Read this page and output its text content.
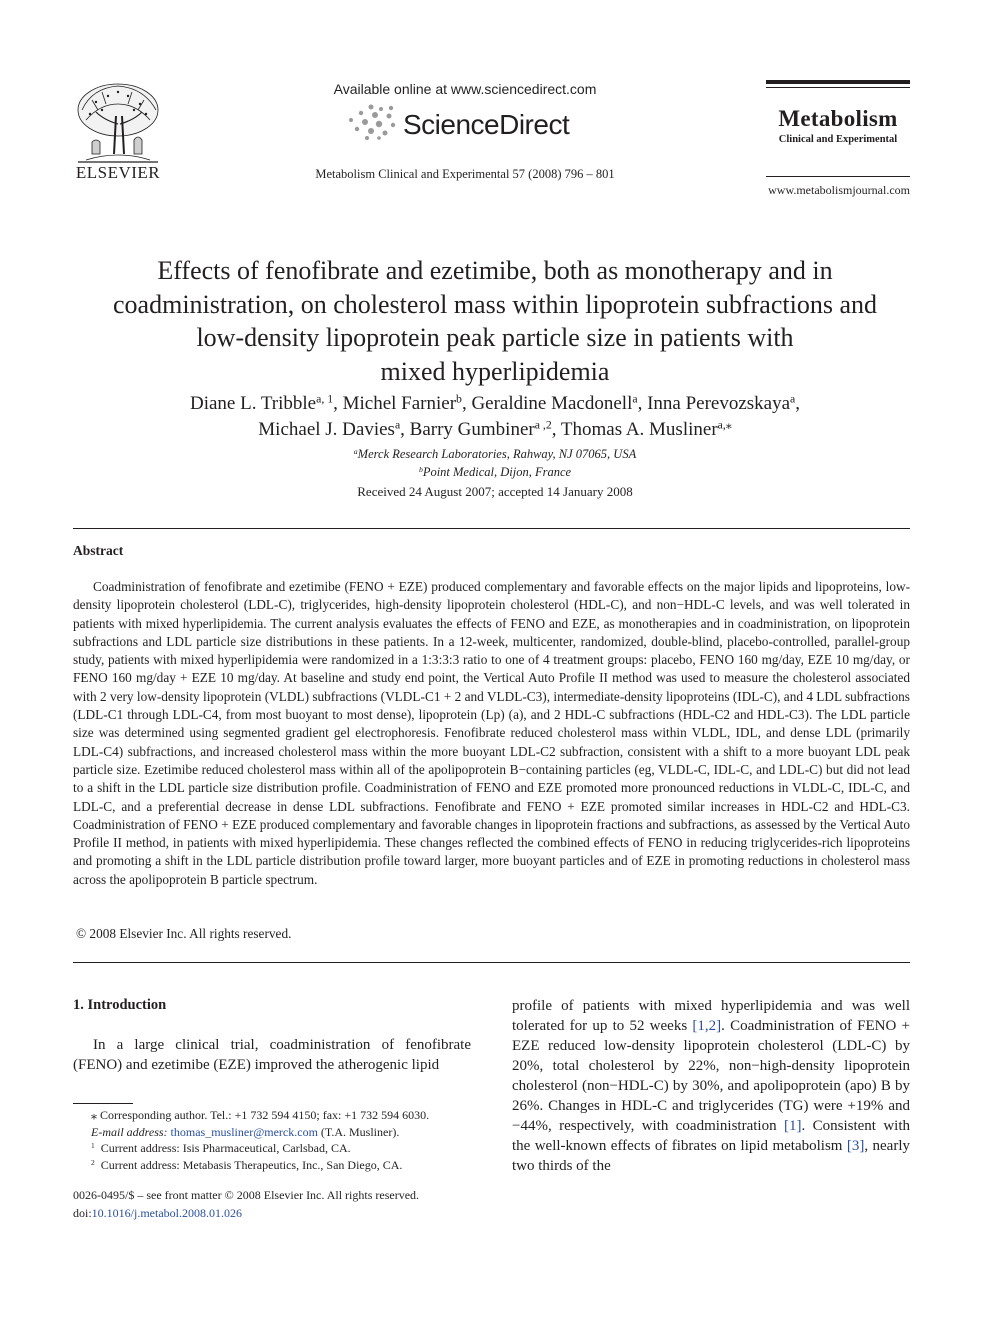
ELSEVIER
Available online at www.sciencedirect.com
ScienceDirect
Metabolism Clinical and Experimental 57 (2008) 796 – 801
Metabolism
Clinical and Experimental
www.metabolismjournal.com
Effects of fenofibrate and ezetimibe, both as monotherapy and in
coadministration, on cholesterol mass within lipoprotein subfractions and
low-density lipoprotein peak particle size in patients with
mixed hyperlipidemia
Diane L. Tribble$^{a, 1}$, Michel Farnier$^b$, Geraldine Macdonell$^a$, Inna Perevozskaya$^a$,
Michael J. Davies$^a$, Barry Gumbiner$^{a ,2}$, Thomas A. Musliner$^{a,⁎}$
$^a$Merck Research Laboratories, Rahway, NJ 07065, USA
$^b$Point Medical, Dijon, France
Received 24 August 2007; accepted 14 January 2008
Abstract
Coadministration of fenofibrate and ezetimibe (FENO + EZE) produced complementary and favorable effects on the major lipids and lipoproteins, low-density lipoprotein cholesterol (LDL-C), triglycerides, high-density lipoprotein cholesterol (HDL-C), and non−HDL-C levels, and was well tolerated in patients with mixed hyperlipidemia. The current analysis evaluates the effects of FENO and EZE, as monotherapies and in coadministration, on lipoprotein subfractions and LDL particle size distributions in these patients. In a 12-week, multicenter, randomized, double-blind, placebo-controlled, parallel-group study, patients with mixed hyperlipidemia were randomized in a 1:3:3:3 ratio to one of 4 treatment groups: placebo, FENO 160 mg/day, EZE 10 mg/day, or FENO 160 mg/day + EZE 10 mg/day. At baseline and study end point, the Vertical Auto Profile II method was used to measure the cholesterol associated with 2 very low-density lipoprotein (VLDL) subfractions (VLDL-C1 + 2 and VLDL-C3), intermediate-density lipoproteins (IDL-C), and 4 LDL subfractions (LDL-C1 through LDL-C4, from most buoyant to most dense), lipoprotein (Lp) (a), and 2 HDL-C subfractions (HDL-C2 and HDL-C3). The LDL particle size was determined using segmented gradient gel electrophoresis. Fenofibrate reduced cholesterol mass within VLDL, IDL, and dense LDL (primarily LDL-C4) subfractions, and increased cholesterol mass within the more buoyant LDL-C2 subfraction, consistent with a shift to a more buoyant LDL peak particle size. Ezetimibe reduced cholesterol mass within all of the apolipoprotein B−containing particles (eg, VLDL-C, IDL-C, and LDL-C) but did not lead to a shift in the LDL particle size distribution profile. Coadministration of FENO and EZE promoted more pronounced reductions in VLDL-C, IDL-C, and LDL-C, and a preferential decrease in dense LDL subfractions. Fenofibrate and FENO + EZE promoted similar increases in HDL-C2 and HDL-C3. Coadministration of FENO + EZE produced complementary and favorable changes in lipoprotein fractions and subfractions, as assessed by the Vertical Auto Profile II method, in patients with mixed hyperlipidemia. These changes reflected the combined effects of FENO in reducing triglycerides-rich lipoproteins and promoting a shift in the LDL particle distribution profile toward larger, more buoyant particles and of EZE in promoting reductions in cholesterol mass across the apolipoprotein B particle spectrum.
© 2008 Elsevier Inc. All rights reserved.
1. Introduction
In a large clinical trial, coadministration of fenofibrate (FENO) and ezetimibe (EZE) improved the atherogenic lipid
⁎ Corresponding author. Tel.: +1 732 594 4150; fax: +1 732 594 6030.
E-mail address: thomas_musliner@merck.com (T.A. Musliner).
$^1$ Current address: Isis Pharmaceutical, Carlsbad, CA.
$^2$ Current address: Metabasis Therapeutics, Inc., San Diego, CA.
0026-0495/$ – see front matter © 2008 Elsevier Inc. All rights reserved.
doi:10.1016/j.metabol.2008.01.026
profile of patients with mixed hyperlipidemia and was well tolerated for up to 52 weeks [1,2]. Coadministration of FENO + EZE reduced low-density lipoprotein cholesterol (LDL-C) by 20%, total cholesterol by 22%, non−high-density lipoprotein cholesterol (non−HDL-C) by 30%, and apolipoprotein (apo) B by 26%. Changes in HDL-C and triglycerides (TG) were +19% and −44%, respectively, with coadministration [1]. Consistent with the well-known effects of fibrates on lipid metabolism [3], nearly two thirds of the
